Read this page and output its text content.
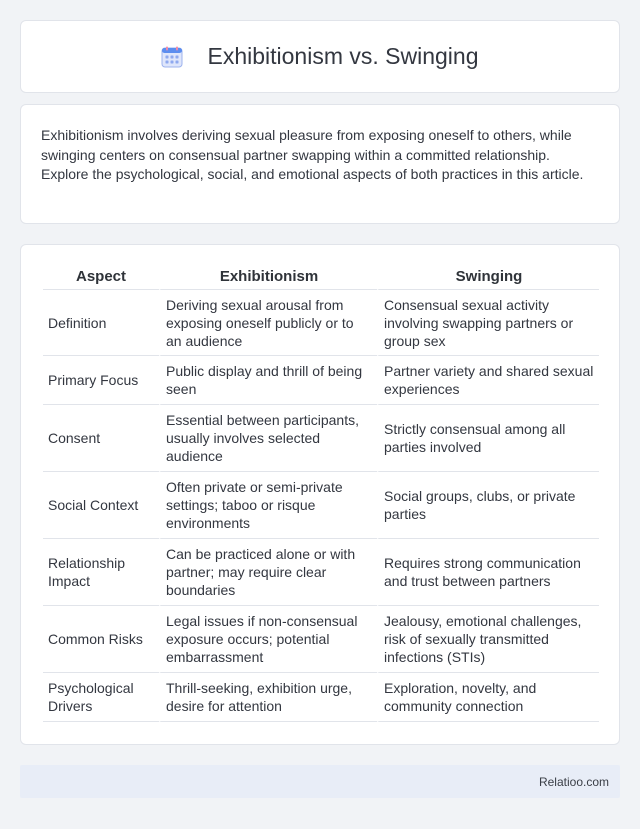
Exhibitionism vs. Swinging

Exhibitionism involves deriving sexual pleasure from exposing oneself to others, while swinging centers on consensual partner swapping within a committed relationship. Explore the psychological, social, and emotional aspects of both practices in this article.

Aspect	Exhibitionism	Swinging
Definition	Deriving sexual arousal from exposing oneself publicly or to an audience	Consensual sexual activity involving swapping partners or group sex
Primary Focus	Public display and thrill of being seen	Partner variety and shared sexual experiences
Consent	Essential between participants, usually involves selected audience	Strictly consensual among all parties involved
Social Context	Often private or semi-private settings; taboo or risque environments	Social groups, clubs, or private parties
Relationship Impact	Can be practiced alone or with partner; may require clear boundaries	Requires strong communication and trust between partners
Common Risks	Legal issues if non-consensual exposure occurs; potential embarrassment	Jealousy, emotional challenges, risk of sexually transmitted infections (STIs)
Psychological Drivers	Thrill-seeking, exhibition urge, desire for attention	Exploration, novelty, and community connection
Relatioo.com
